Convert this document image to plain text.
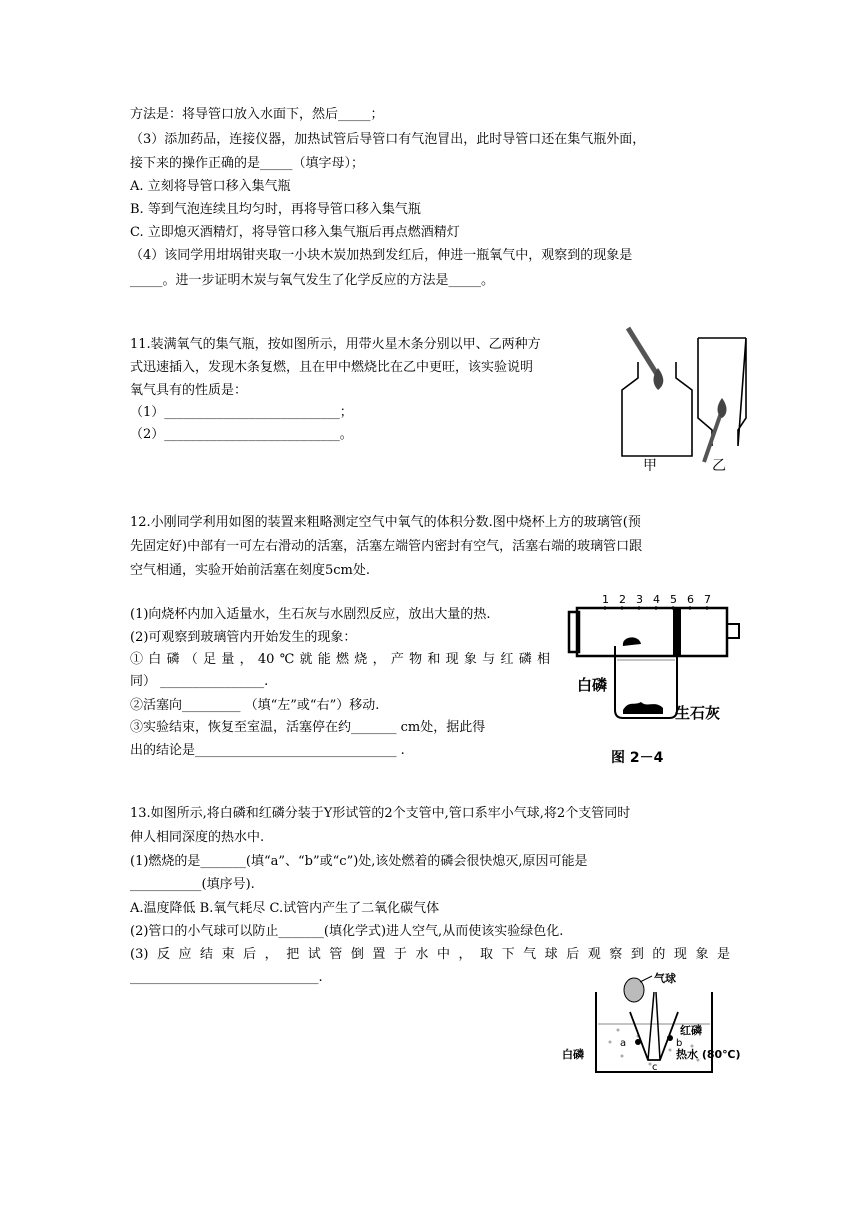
方法是：将导管口放入水面下，然后_____；
（3）添加药品，连接仪器，加热试管后导管口有气泡冒出，此时导管口还在集气瓶外面，
接下来的操作正确的是_____（填字母）；
A. 立刻将导管口移入集气瓶
B. 等到气泡连续且均匀时，再将导管口移入集气瓶
C. 立即熄灭酒精灯，将导管口移入集气瓶后再点燃酒精灯
（4）该同学用坩埚钳夹取一小块木炭加热到发红后，伸进一瓶氧气中，观察到的现象是
_____。进一步证明木炭与氧气发生了化学反应的方法是_____。
11.装满氧气的集气瓶，按如图所示，用带火星木条分别以甲、乙两种方
式迅速插入，发现木条复燃，且在甲中燃烧比在乙中更旺，该实验说明
氧气具有的性质是：
（1）___________________________；
（2）___________________________。
甲	乙
12.小刚同学利用如图的装置来粗略测定空气中氧气的体积分数.图中烧杯上方的玻璃管(预
先固定好)中部有一可左右滑动的活塞，活塞左端管内密封有空气，活塞右端的玻璃管口跟
空气相通，实验开始前活塞在刻度5cm处.
(1)向烧杯内加入适量水，生石灰与水剧烈反应，放出大量的热.
(2)可观察到玻璃管内开始发生的现象：
①白磷（足量，40℃就能燃烧，产物和现象与红磷相
同） ________________.
②活塞向_________ （填“左”或“右”）移动.
③实验结束，恢复至室温，活塞停在约_______ cm处，据此得
出的结论是_______________________________ .
1 2 3 4 5 6 7
白磷
生石灰
图 2－4
13.如图所示,将白磷和红磷分装于Y形试管的2个支管中,管口系牢小气球,将2个支管同时
伸人相同深度的热水中.
(1)燃烧的是_______(填“a”、“b”或“c”)处,该处燃着的磷会很快熄灭,原因可能是
___________(填序号).
A.温度降低 B.氧气耗尽 C.试管内产生了二氧化碳气体
(2)管口的小气球可以防止_______(填化学式)进人空气,从而使该实验绿色化.
(3)反应结束后，把试管倒置于水中，取下气球后观察到的现象是
_____________________________.	气球
红磷
白磷	热水 (80℃)
a	b
c
